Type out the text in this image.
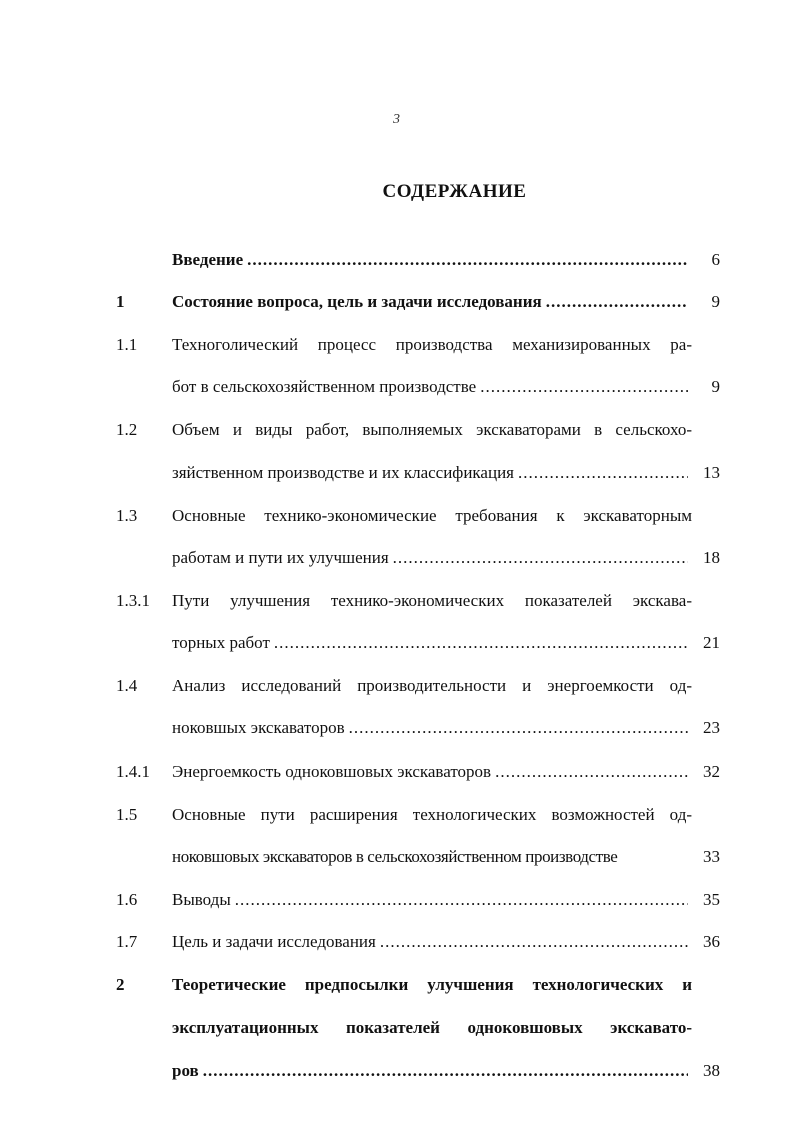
3
СОДЕРЖАНИЕ
Введение .....	6
1	Состояние вопроса, цель и задачи исследования .....	9
1.1 Техноголический процесс производства механизированных ра-
бот в сельскохозяйственном производстве .....	9
1.2 Объем и виды работ, выполняемых экскаваторами в сельскохо-
зяйственном производстве и их классификация .....	13
1.3 Основные технико-экономические требования к экскаваторным
работам и пути их улучшения .....	18
1.3.1 Пути улучшения технико-экономических показателей экскава-
торных работ .....	21
1.4 Анализ исследований производительности и энергоемкости од-
ноковшых экскаваторов .....	23
1.4.1 Энергоемкость одноковшовых экскаваторов .....	32
1.5 Основные пути расширения технологических возможностей од-
ноковшовых экскаваторов в сельскохозяйственном производстве	33
1.6 Выводы .....	35
1.7 Цель и задачи исследования .....	36
2	Теоретические предпосылки улучшения технологических и
эксплуатационных показателей одноковшовых экскавато-
ров .....	38
